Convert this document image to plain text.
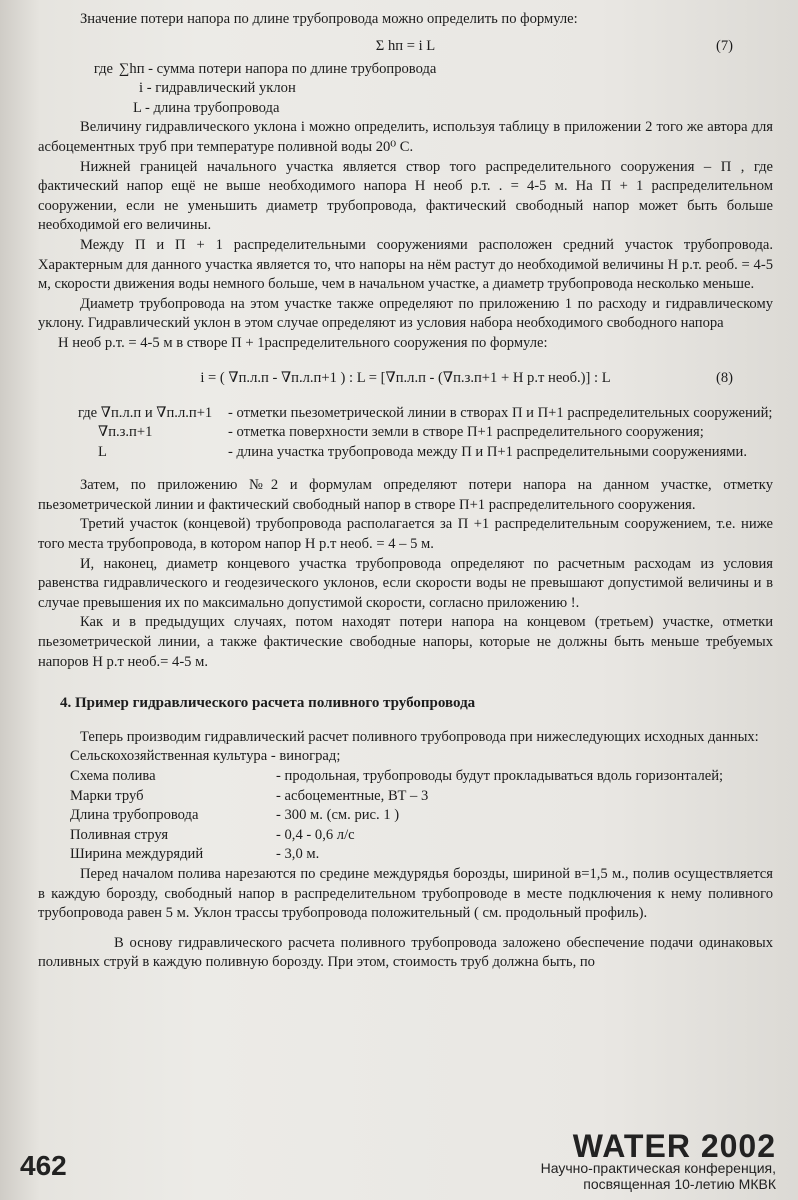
Значение потери напора по длине трубопровода можно определить по формуле:

Σ hп = i L	(7)
где ∑hп - сумма потери напора по длине трубопровода
i - гидравлический уклон
L - длина трубопровода

Величину гидравлического уклона i можно определить, используя таблицу в приложении 2 того же автора для асбоцементных труб при температуре поливной воды 20⁰ С.

Нижней границей начального участка является створ того распределительного сооружения – П , где фактический напор ещё не выше необходимого напора Н необ р.т. . = 4-5 м. На П + 1 распределительном сооружении, если не уменьшить диаметр трубопровода, фактический свободный напор может быть больше необходимой его величины.

Между П и П + 1 распределительными сооружениями расположен средний участок трубопровода. Характерным для данного участка является то, что напоры на нём растут до необходимой величины Н р.т. реоб. = 4-5 м, скорости движения воды немного больше, чем в начальном участке, а диаметр трубопровода несколько меньше.

Диаметр трубопровода на этом участке также определяют по приложению 1 по расходу и гидравлическому уклону. Гидравлический уклон в этом случае определяют из условия набора необходимого свободного напора

Н необ р.т. = 4-5 м в створе П + 1распределительного сооружения по формуле:

i = ( ∇п.л.п - ∇п.л.п+1 ) : L = [∇п.л.п - (∇п.з.п+1 + Н р.т необ.)] : L	(8)
где ∇п.л.п и ∇п.л.п+1	- отметки пьезометрической линии в створах П и П+1 распределительных сооружений;
∇п.з.п+1	- отметка поверхности земли в створе П+1 распределительного сооружения;
L	- длина участка трубопровода между П и П+1 распределительными сооружениями.

Затем, по приложению №2 и формулам определяют потери напора на данном участке, отметку пьезометрической линии и фактический свободный напор в створе П+1 распределительного сооружения.

Третий участок (концевой) трубопровода располагается за П +1 распределительным сооружением, т.е. ниже того места трубопровода, в котором напор Н р.т необ. = 4 – 5 м.

И, наконец, диаметр концевого участка трубопровода определяют по расчетным расходам из условия равенства гидравлического и геодезического уклонов, если скорости воды не превышают допустимой величины и в случае превышения их по максимально допустимой скорости, согласно приложению !.

Как и в предыдущих случаях, потом находят потери напора на концевом (третьем) участке, отметки пьезометрической линии, а также фактические свободные напоры, которые не должны быть меньше требуемых напоров Н р.т необ.= 4-5 м.

4. Пример гидравлического расчета поливного трубопровода

Теперь производим гидравлический расчет поливного трубопровода при нижеследующих исходных данных:

Сельскохозяйственная культура - виноград;
Схема полива	- продольная, трубопроводы будут прокладываться вдоль горизонталей;
Марки труб	- асбоцементные, ВТ – 3
Длина трубопровода	- 300 м. (см. рис. 1 )
Поливная струя	- 0,4 - 0,6 л/с
Ширина междурядий	- 3,0 м.

Перед началом полива нарезаются по средине междурядья борозды, шириной в=1,5 м., полив осуществляется в каждую борозду, свободный напор в распределительном трубопроводе в месте подключения к нему поливного трубопровода равен 5 м. Уклон трассы трубопровода положительный ( см. продольный профиль).

В основу гидравлического расчета поливного трубопровода заложено обеспечение подачи одинаковых поливных струй в каждую поливную борозду. При этом, стоимость труб должна быть, по

462
WATER 2002
Научно-практическая конференция,
посвященная 10-летию МКВК
